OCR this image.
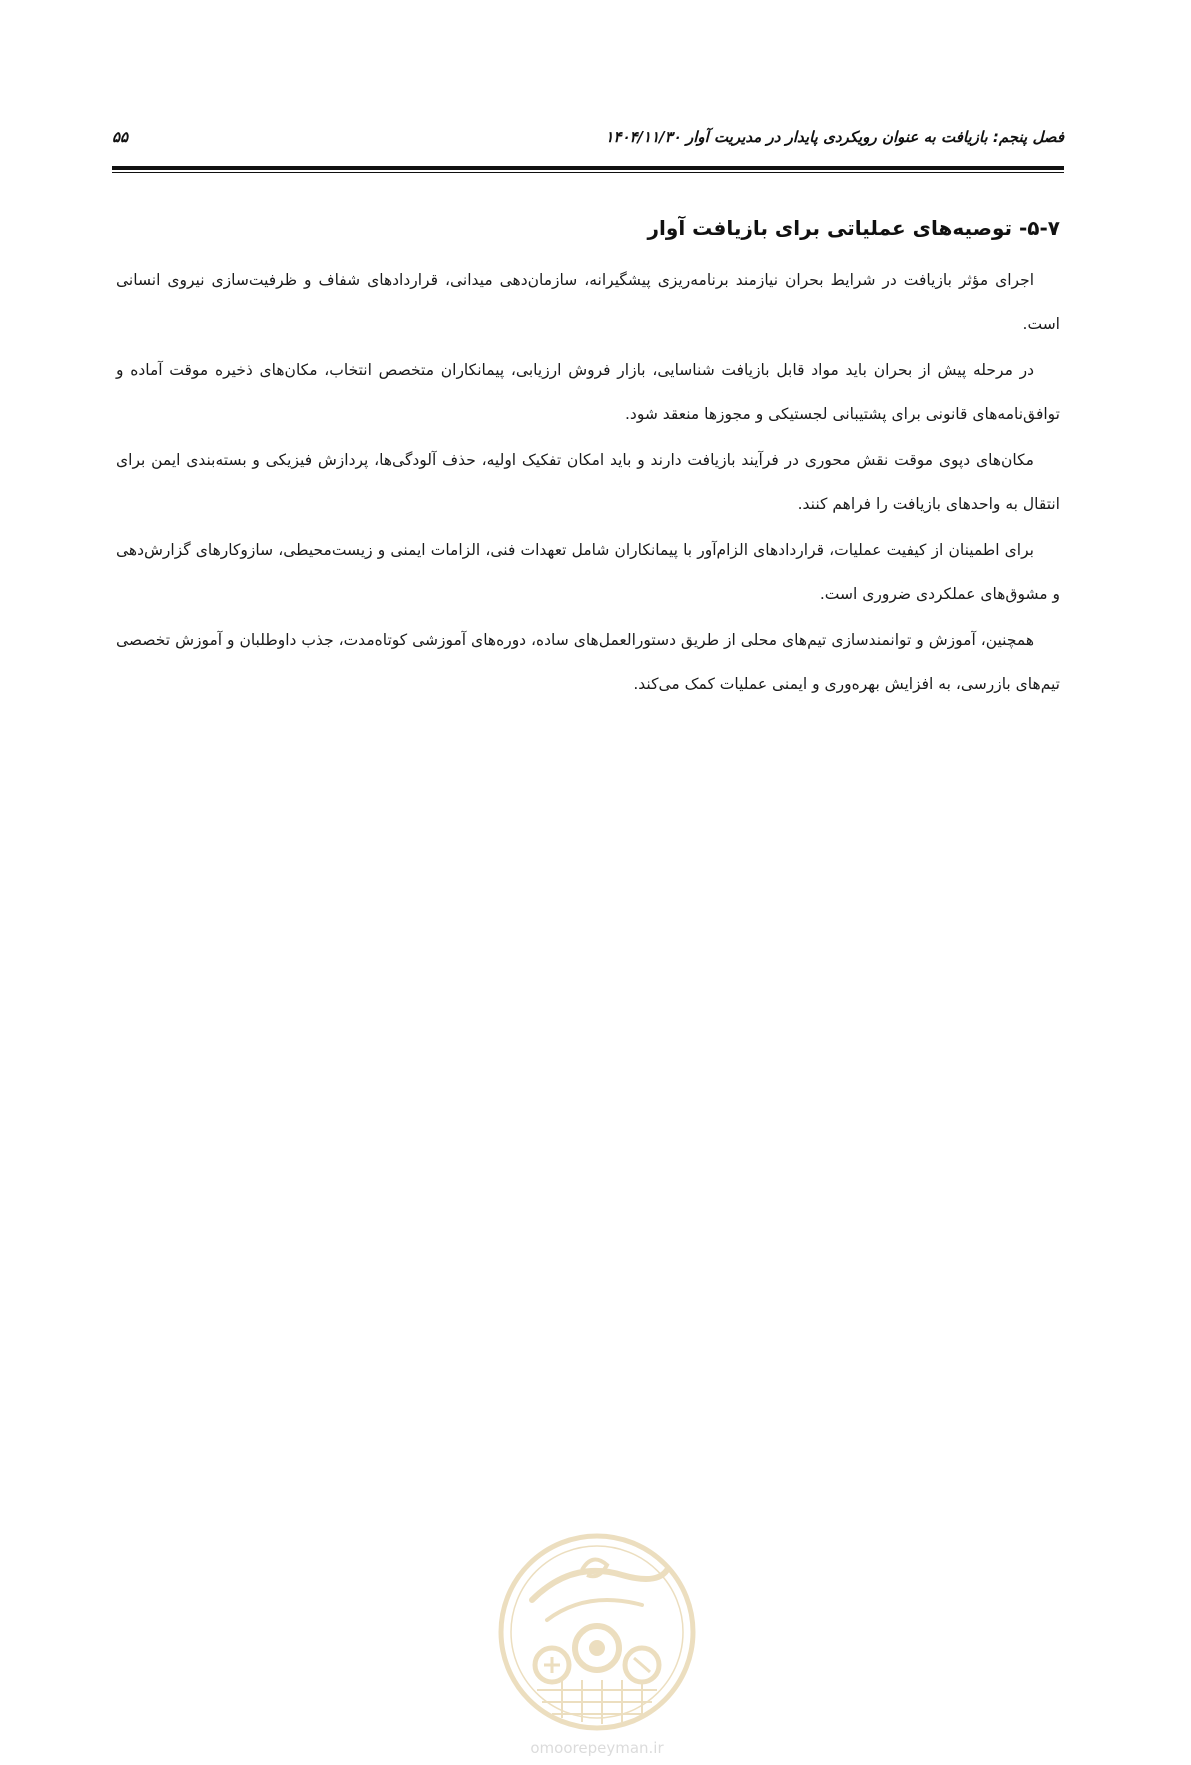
فصل پنجم: بازیافت به عنوان رویکردی پایدار در مدیریت آوار ۱۴۰۴/۱۱/۳۰
۵۵
۵-۷- توصیه‌های عملیاتی برای بازیافت آوار

اجرای مؤثر بازیافت در شرایط بحران نیازمند برنامه‌ریزی پیشگیرانه، سازمان‌دهی میدانی، قراردادهای شفاف و ظرفیت‌سازی نیروی انسانی است.

در مرحله پیش از بحران باید مواد قابل بازیافت شناسایی، بازار فروش ارزیابی، پیمانکاران متخصص انتخاب، مکان‌های ذخیره موقت آماده و توافق‌نامه‌های قانونی برای پشتیبانی لجستیکی و مجوزها منعقد شود.

مکان‌های دپوی موقت نقش محوری در فرآیند بازیافت دارند و باید امکان تفکیک اولیه، حذف آلودگی‌ها، پردازش فیزیکی و بسته‌بندی ایمن برای انتقال به واحدهای بازیافت را فراهم کنند.

برای اطمینان از کیفیت عملیات، قراردادهای الزام‌آور با پیمانکاران شامل تعهدات فنی، الزامات ایمنی و زیست‌محیطی، سازوکارهای گزارش‌دهی و مشوق‌های عملکردی ضروری است.

همچنین، آموزش و توانمندسازی تیم‌های محلی از طریق دستورالعمل‌های ساده، دوره‌های آموزشی کوتاه‌مدت، جذب داوطلبان و آموزش تخصصی تیم‌های بازرسی، به افزایش بهره‌وری و ایمنی عملیات کمک می‌کند.

omoorepeyman.ir
